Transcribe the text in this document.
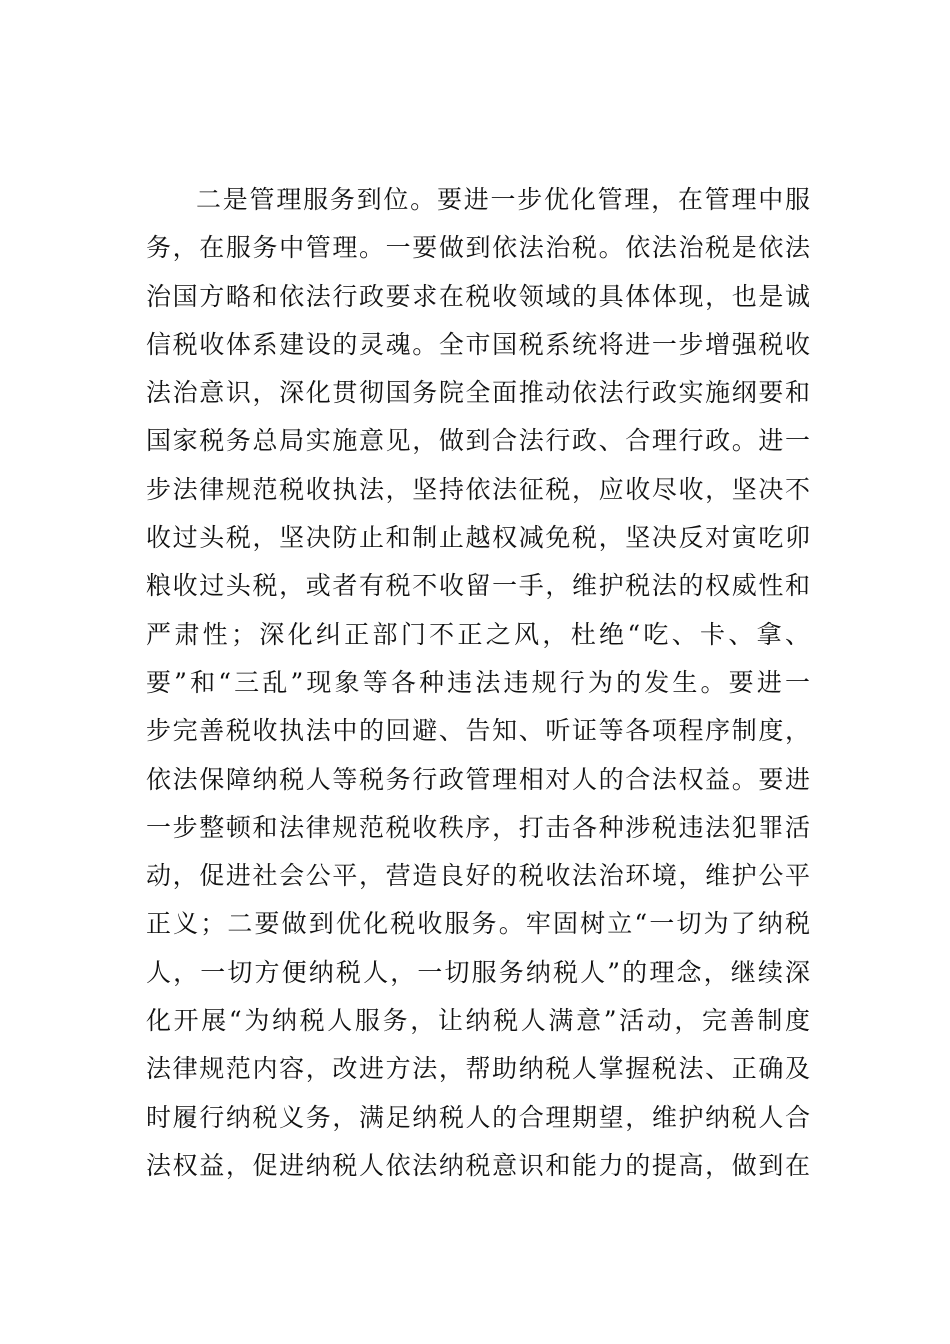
二是管理服务到位。要进一步优化管理，在管理中服
务，在服务中管理。一要做到依法治税。依法治税是依法
治国方略和依法行政要求在税收领域的具体体现，也是诚
信税收体系建设的灵魂。全市国税系统将进一步增强税收
法治意识，深化贯彻国务院全面推动依法行政实施纲要和
国家税务总局实施意见，做到合法行政、合理行政。进一
步法律规范税收执法，坚持依法征税，应收尽收，坚决不
收过头税，坚决防止和制止越权减免税，坚决反对寅吃卯
粮收过头税，或者有税不收留一手，维护税法的权威性和
严肃性；深化纠正部门不正之风，杜绝“吃、卡、拿、
要”和“三乱”现象等各种违法违规行为的发生。要进一
步完善税收执法中的回避、告知、听证等各项程序制度，
依法保障纳税人等税务行政管理相对人的合法权益。要进
一步整顿和法律规范税收秩序，打击各种涉税违法犯罪活
动，促进社会公平，营造良好的税收法治环境，维护公平
正义；二要做到优化税收服务。牢固树立“一切为了纳税
人，一切方便纳税人，一切服务纳税人”的理念，继续深
化开展“为纳税人服务，让纳税人满意”活动，完善制度
法律规范内容，改进方法，帮助纳税人掌握税法、正确及
时履行纳税义务，满足纳税人的合理期望，维护纳税人合
法权益，促进纳税人依法纳税意识和能力的提高，做到在
